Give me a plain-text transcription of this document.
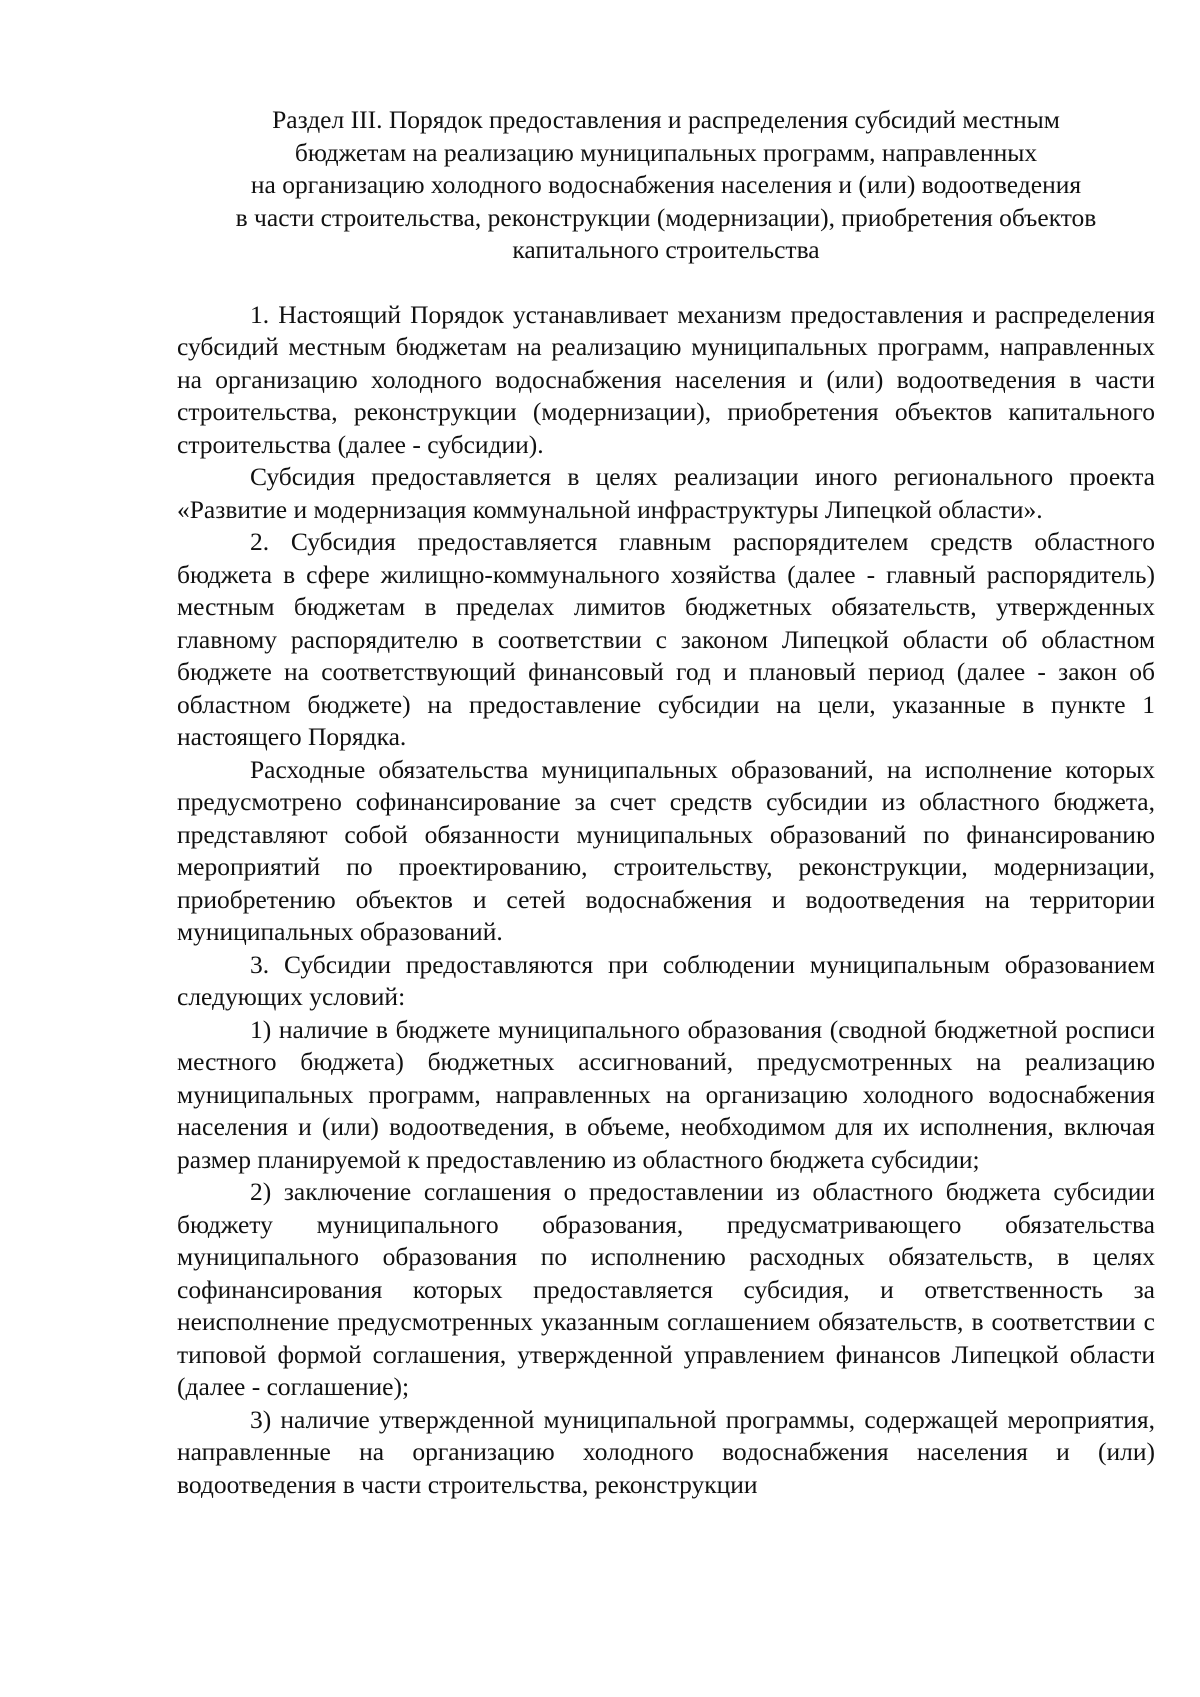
Раздел III. Порядок предоставления и распределения субсидий местным
бюджетам на реализацию муниципальных программ, направленных
на организацию холодного водоснабжения населения и (или) водоотведения
в части строительства, реконструкции (модернизации), приобретения объектов
капитального строительства

1. Настоящий Порядок устанавливает механизм предоставления и распределения субсидий местным бюджетам на реализацию муниципальных программ, направленных на организацию холодного водоснабжения населения и (или) водоотведения в части строительства, реконструкции (модернизации), приобретения объектов капитального строительства (далее - субсидии).

Субсидия предоставляется в целях реализации иного регионального проекта «Развитие и модернизация коммунальной инфраструктуры Липецкой области».

2. Субсидия предоставляется главным распорядителем средств областного бюджета в сфере жилищно-коммунального хозяйства (далее - главный распорядитель) местным бюджетам в пределах лимитов бюджетных обязательств, утвержденных главному распорядителю в соответствии с законом Липецкой области об областном бюджете на соответствующий финансовый год и плановый период (далее - закон об областном бюджете) на предоставление субсидии на цели, указанные в пункте 1 настоящего Порядка.

Расходные обязательства муниципальных образований, на исполнение которых предусмотрено софинансирование за счет средств субсидии из областного бюджета, представляют собой обязанности муниципальных образований по финансированию мероприятий по проектированию, строительству, реконструкции, модернизации, приобретению объектов и сетей водоснабжения и водоотведения на территории муниципальных образований.

3. Субсидии предоставляются при соблюдении муниципальным образованием следующих условий:

1) наличие в бюджете муниципального образования (сводной бюджетной росписи местного бюджета) бюджетных ассигнований, предусмотренных на реализацию муниципальных программ, направленных на организацию холодного водоснабжения населения и (или) водоотведения, в объеме, необходимом для их исполнения, включая размер планируемой к предоставлению из областного бюджета субсидии;

2) заключение соглашения о предоставлении из областного бюджета субсидии бюджету муниципального образования, предусматривающего обязательства муниципального образования по исполнению расходных обязательств, в целях софинансирования которых предоставляется субсидия, и ответственность за неисполнение предусмотренных указанным соглашением обязательств, в соответствии с типовой формой соглашения, утвержденной управлением финансов Липецкой области (далее - соглашение);

3) наличие утвержденной муниципальной программы, содержащей мероприятия, направленные на организацию холодного водоснабжения населения и (или) водоотведения в части строительства, реконструкции
